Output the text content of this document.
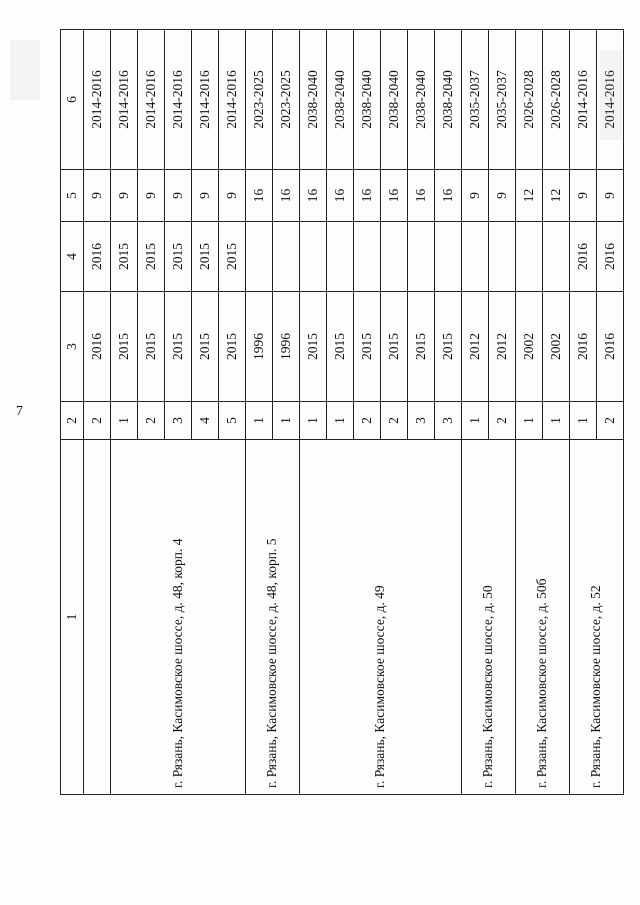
7
1	2	3	4	5	6
	2	2016	2016	9	2014-2016
г. Рязань, Касимовское шоссе, д. 48, корп. 4	1	2015	2015	9	2014-2016
	2	2015	2015	9	2014-2016
	3	2015	2015	9	2014-2016
	4	2015	2015	9	2014-2016
	5	2015	2015	9	2014-2016
г. Рязань, Касимовское шоссе, д. 48, корп. 5	1	1996		16	2023-2025
	1	1996		16	2023-2025
г. Рязань, Касимовское шоссе, д. 49	1	2015		16	2038-2040
	1	2015		16	2038-2040
	2	2015		16	2038-2040
	2	2015		16	2038-2040
	3	2015		16	2038-2040
	3	2015		16	2038-2040
г. Рязань, Касимовское шоссе, д. 50	1	2012		9	2035-2037
	2	2012		9	2035-2037
г. Рязань, Касимовское шоссе, д. 50б	1	2002		12	2026-2028
	1	2002		12	2026-2028
г. Рязань, Касимовское шоссе, д. 52	1	2016	2016	9	2014-2016
	2	2016	2016	9	2014-2016
